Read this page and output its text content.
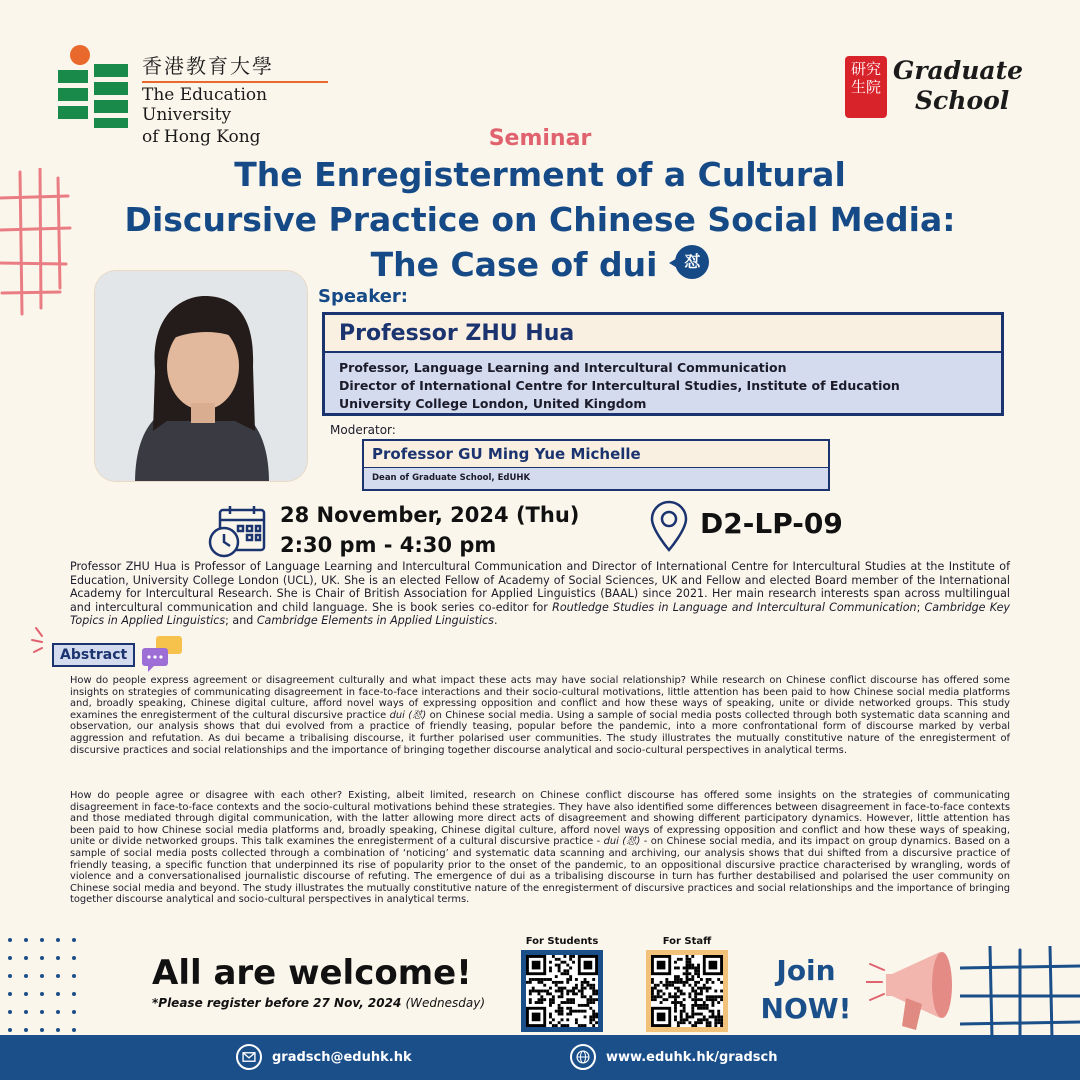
香港教育大學
The Education University
of Hong Kong
研究
生院
Graduate
School
Seminar
The Enregisterment of a Cultural
Discursive Practice on Chinese Social Media:
The Case of dui	怼
Speaker:
Professor ZHU Hua
Professor, Language Learning and Intercultural Communication
Director of International Centre for Intercultural Studies, Institute of Education
University College London, United Kingdom
Moderator:
Professor GU Ming Yue Michelle
Dean of Graduate School, EdUHK
28 November, 2024 (Thu)
2:30 pm - 4:30 pm
D2-LP-09
Professor ZHU Hua is Professor of Language Learning and Intercultural Communication and Director of International Centre for Intercultural Studies at the Institute of Education, University College London (UCL), UK. She is an elected Fellow of Academy of Social Sciences, UK and Fellow and elected Board member of the International Academy for Intercultural Research. She is Chair of British Association for Applied Linguistics (BAAL) since 2021. Her main research interests span across multilingual and intercultural communication and child language. She is book series co-editor for Routledge Studies in Language and Intercultural Communication; Cambridge Key Topics in Applied Linguistics; and Cambridge Elements in Applied Linguistics.
Abstract
How do people express agreement or disagreement culturally and what impact these acts may have social relationship? While research on Chinese conflict discourse has offered some insights on strategies of communicating disagreement in face-to-face interactions and their socio-cultural motivations, little attention has been paid to how Chinese social media platforms and, broadly speaking, Chinese digital culture, afford novel ways of expressing opposition and conflict and how these ways of speaking, unite or divide networked groups. This study examines the enregisterment of the cultural discursive practice dui (怼) on Chinese social media. Using a sample of social media posts collected through both systematic data scanning and observation, our analysis shows that dui evolved from a practice of friendly teasing, popular before the pandemic, into a more confrontational form of discourse marked by verbal aggression and refutation. As dui became a tribalising discourse, it further polarised user communities. The study illustrates the mutually constitutive nature of the enregisterment of discursive practices and social relationships and the importance of bringing together discourse analytical and socio-cultural perspectives in analytical terms.
How do people agree or disagree with each other? Existing, albeit limited, research on Chinese conflict discourse has offered some insights on the strategies of communicating disagreement in face-to-face contexts and the socio-cultural motivations behind these strategies. They have also identified some differences between disagreement in face-to-face contexts and those mediated through digital communication, with the latter allowing more direct acts of disagreement and showing different participatory dynamics. However, little attention has been paid to how Chinese social media platforms and, broadly speaking, Chinese digital culture, afford novel ways of expressing opposition and conflict and how these ways of speaking, unite or divide networked groups. This talk examines the enregisterment of a cultural discursive practice - dui (怼) - on Chinese social media, and its impact on group dynamics. Based on a sample of social media posts collected through a combination of ‘noticing’ and systematic data scanning and archiving, our analysis shows that dui shifted from a discursive practice of friendly teasing, a specific function that underpinned its rise of popularity prior to the onset of the pandemic, to an oppositional discursive practice characterised by wrangling, words of violence and a conversationalised journalistic discourse of refuting. The emergence of dui as a tribalising discourse in turn has further destabilised and polarised the user community on Chinese social media and beyond. The study illustrates the mutually constitutive nature of the enregisterment of discursive practices and social relationships and the importance of bringing together discourse analytical and socio-cultural perspectives in analytical terms.
All are welcome!
*Please register before 27 Nov, 2024 (Wednesday)
For Students	For Staff
Join
NOW!
gradsch@eduhk.hk	www.eduhk.hk/gradsch
